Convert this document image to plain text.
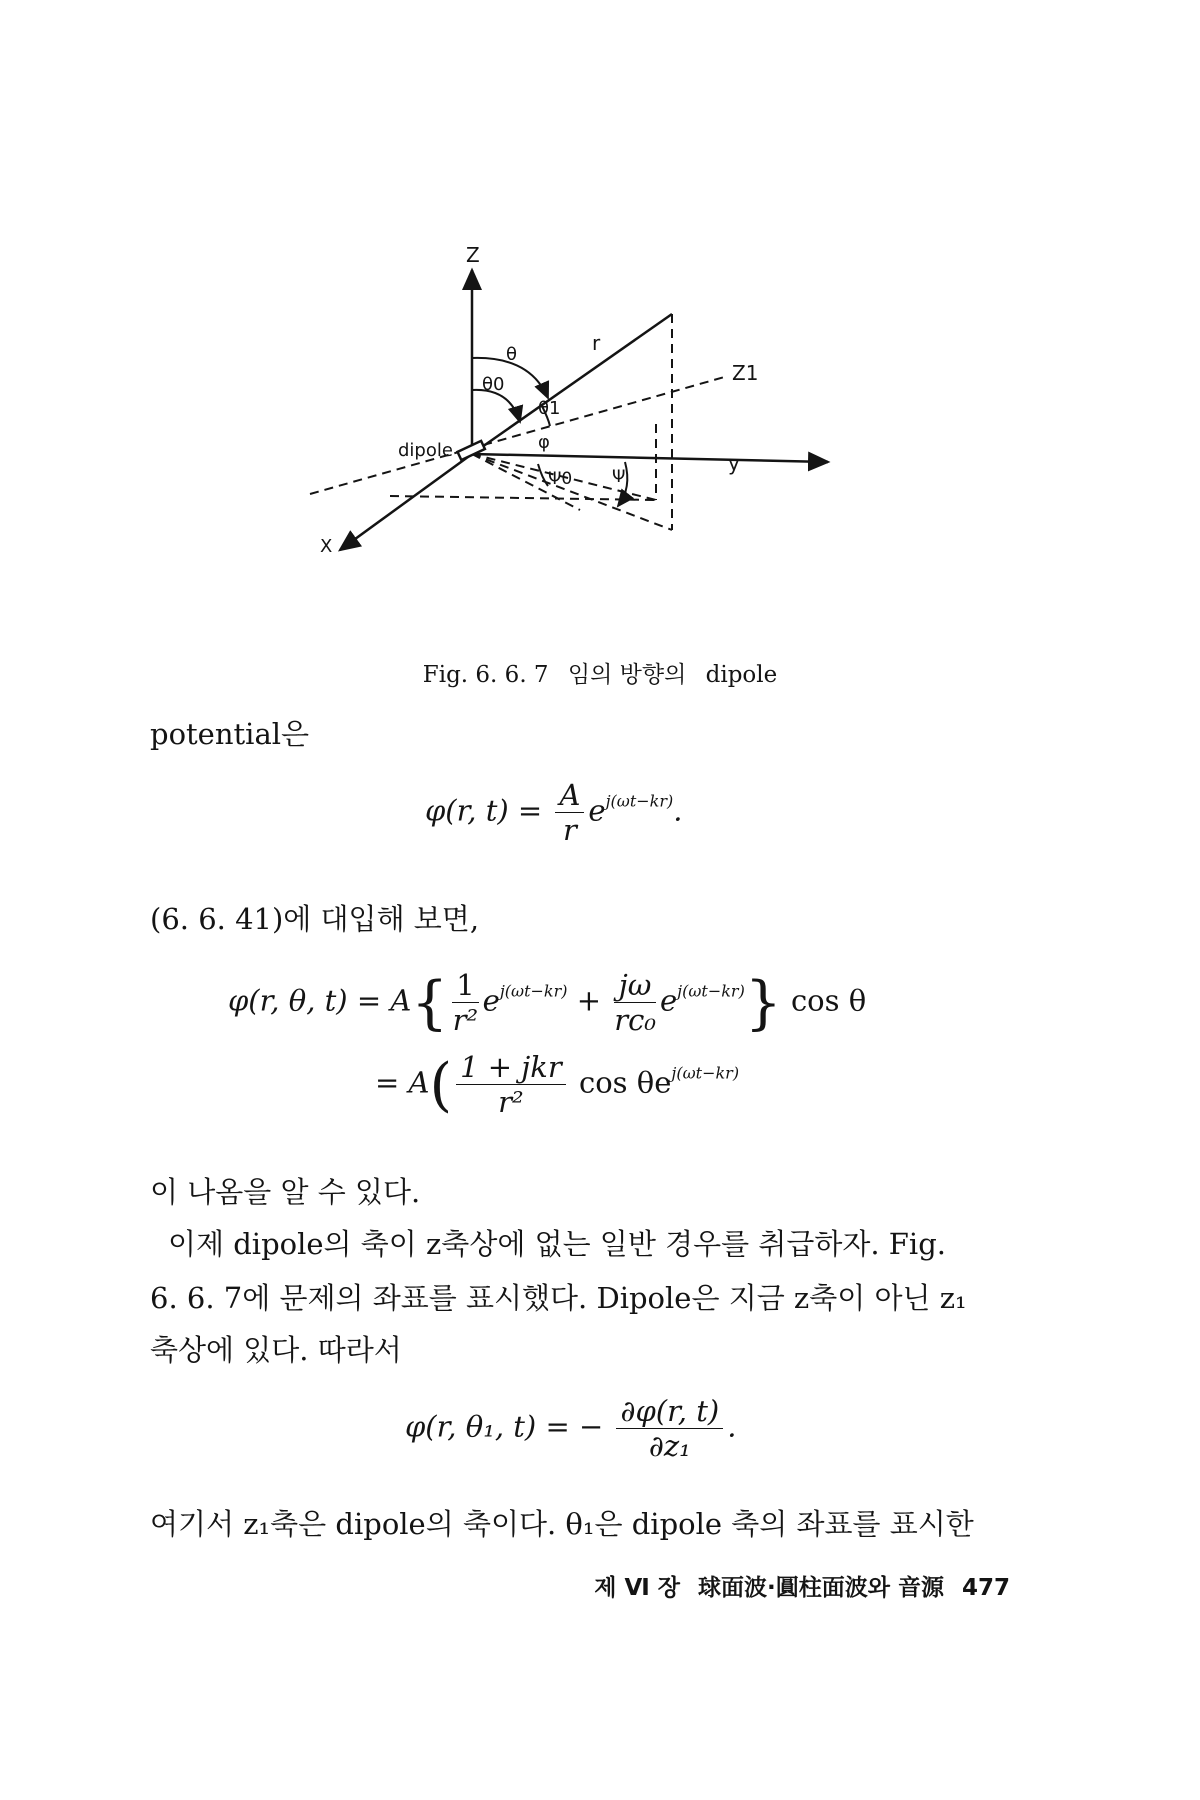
Z
y
X
Z1
r
θ
θ0
θ1
φ
Ψ0 Ψ
dipole
Fig. 6. 6. 7 임의 방향의 dipole
potential은
φ(r, $t) = \frac{A}{r} e^{j(\omega t-kr)}$.
(6. 6. 41)에 대입해 보면,
φ(r, θ, $t) = A\{ \frac{1}{\text{r²}} e^{j(\omega t-kr)} + \frac{j\omega}{\text{rc₀}} e^{j(\omega t-kr)}\}$ cos θ
= $A( \frac{\text{1 + jkr}}{\text{r²}}$ $\cos \theta e^{j(\omega t-kr)}$
이 나옴을 알 수 있다.
이제 dipole의 축이 z축상에 없는 일반 경우를 취급하자. Fig.
6. 6. 7에 문제의 좌표를 표시했다. Dipole은 지금 z축이 아닌 z₁
축상에 있다. 따라서
φ(r, θ₁, t) = − $\frac{\partial\varphi(r, t)}{\text{∂z₁}}$ .
여기서 z₁축은 dipole의 축이다. θ₁은 dipole 축의 좌표를 표시한
제 Ⅵ 장 球面波·圓柱面波와 音源 477
